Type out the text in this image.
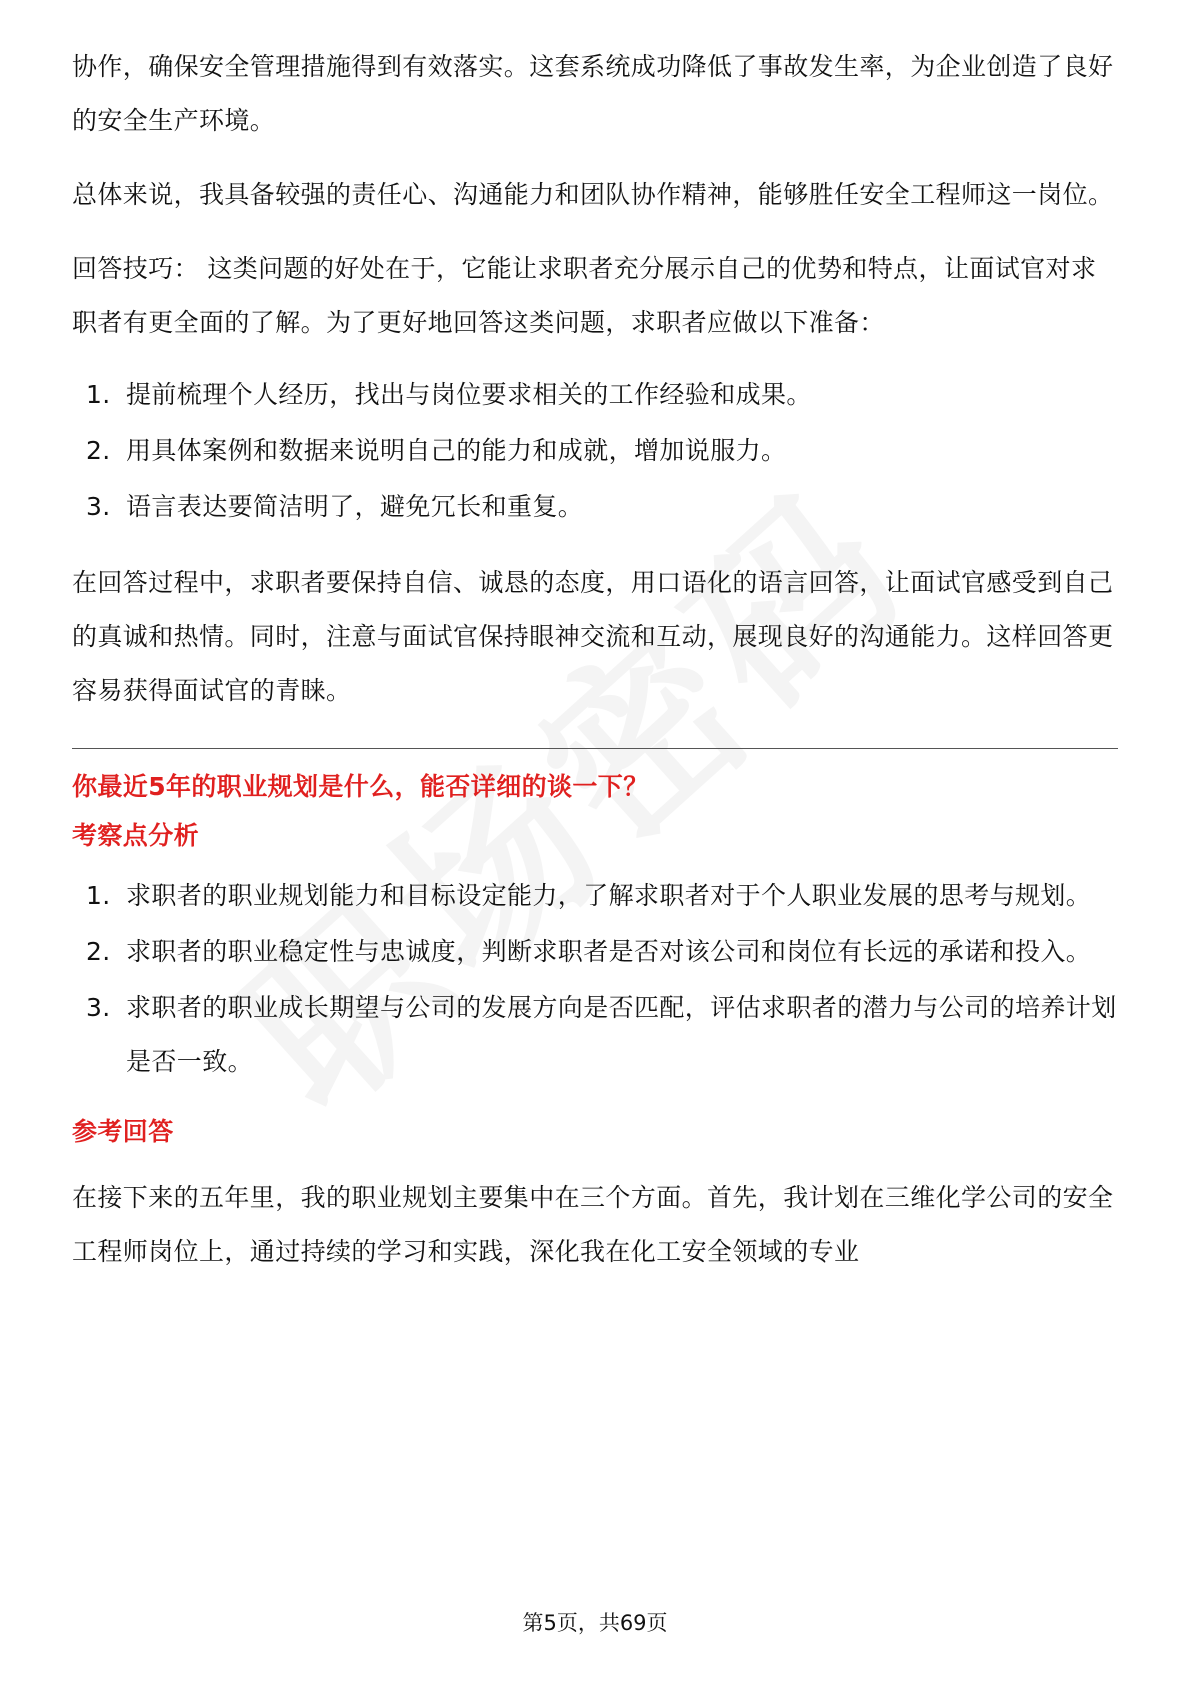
协作，确保安全管理措施得到有效落实。这套系统成功降低了事故发生率，为企业创造了良好的安全生产环境。

总体来说，我具备较强的责任心、沟通能力和团队协作精神，能够胜任安全工程师这一岗位。

回答技巧： 这类问题的好处在于，它能让求职者充分展示自己的优势和特点，让面试官对求职者有更全面的了解。为了更好地回答这类问题，求职者应做以下准备：

1. 提前梳理个人经历，找出与岗位要求相关的工作经验和成果。
2. 用具体案例和数据来说明自己的能力和成就，增加说服力。
3. 语言表达要简洁明了，避免冗长和重复。

在回答过程中，求职者要保持自信、诚恳的态度，用口语化的语言回答，让面试官感受到自己的真诚和热情。同时，注意与面试官保持眼神交流和互动，展现良好的沟通能力。这样回答更容易获得面试官的青睐。

你最近5年的职业规划是什么，能否详细的谈一下？
考察点分析
1. 求职者的职业规划能力和目标设定能力，了解求职者对于个人职业发展的思考与规划。
2. 求职者的职业稳定性与忠诚度，判断求职者是否对该公司和岗位有长远的承诺和投入。
3. 求职者的职业成长期望与公司的发展方向是否匹配，评估求职者的潜力与公司的培养计划是否一致。
参考回答

在接下来的五年里，我的职业规划主要集中在三个方面。首先，我计划在三维化学公司的安全工程师岗位上，通过持续的学习和实践，深化我在化工安全领域的专业

第5页，共69页
